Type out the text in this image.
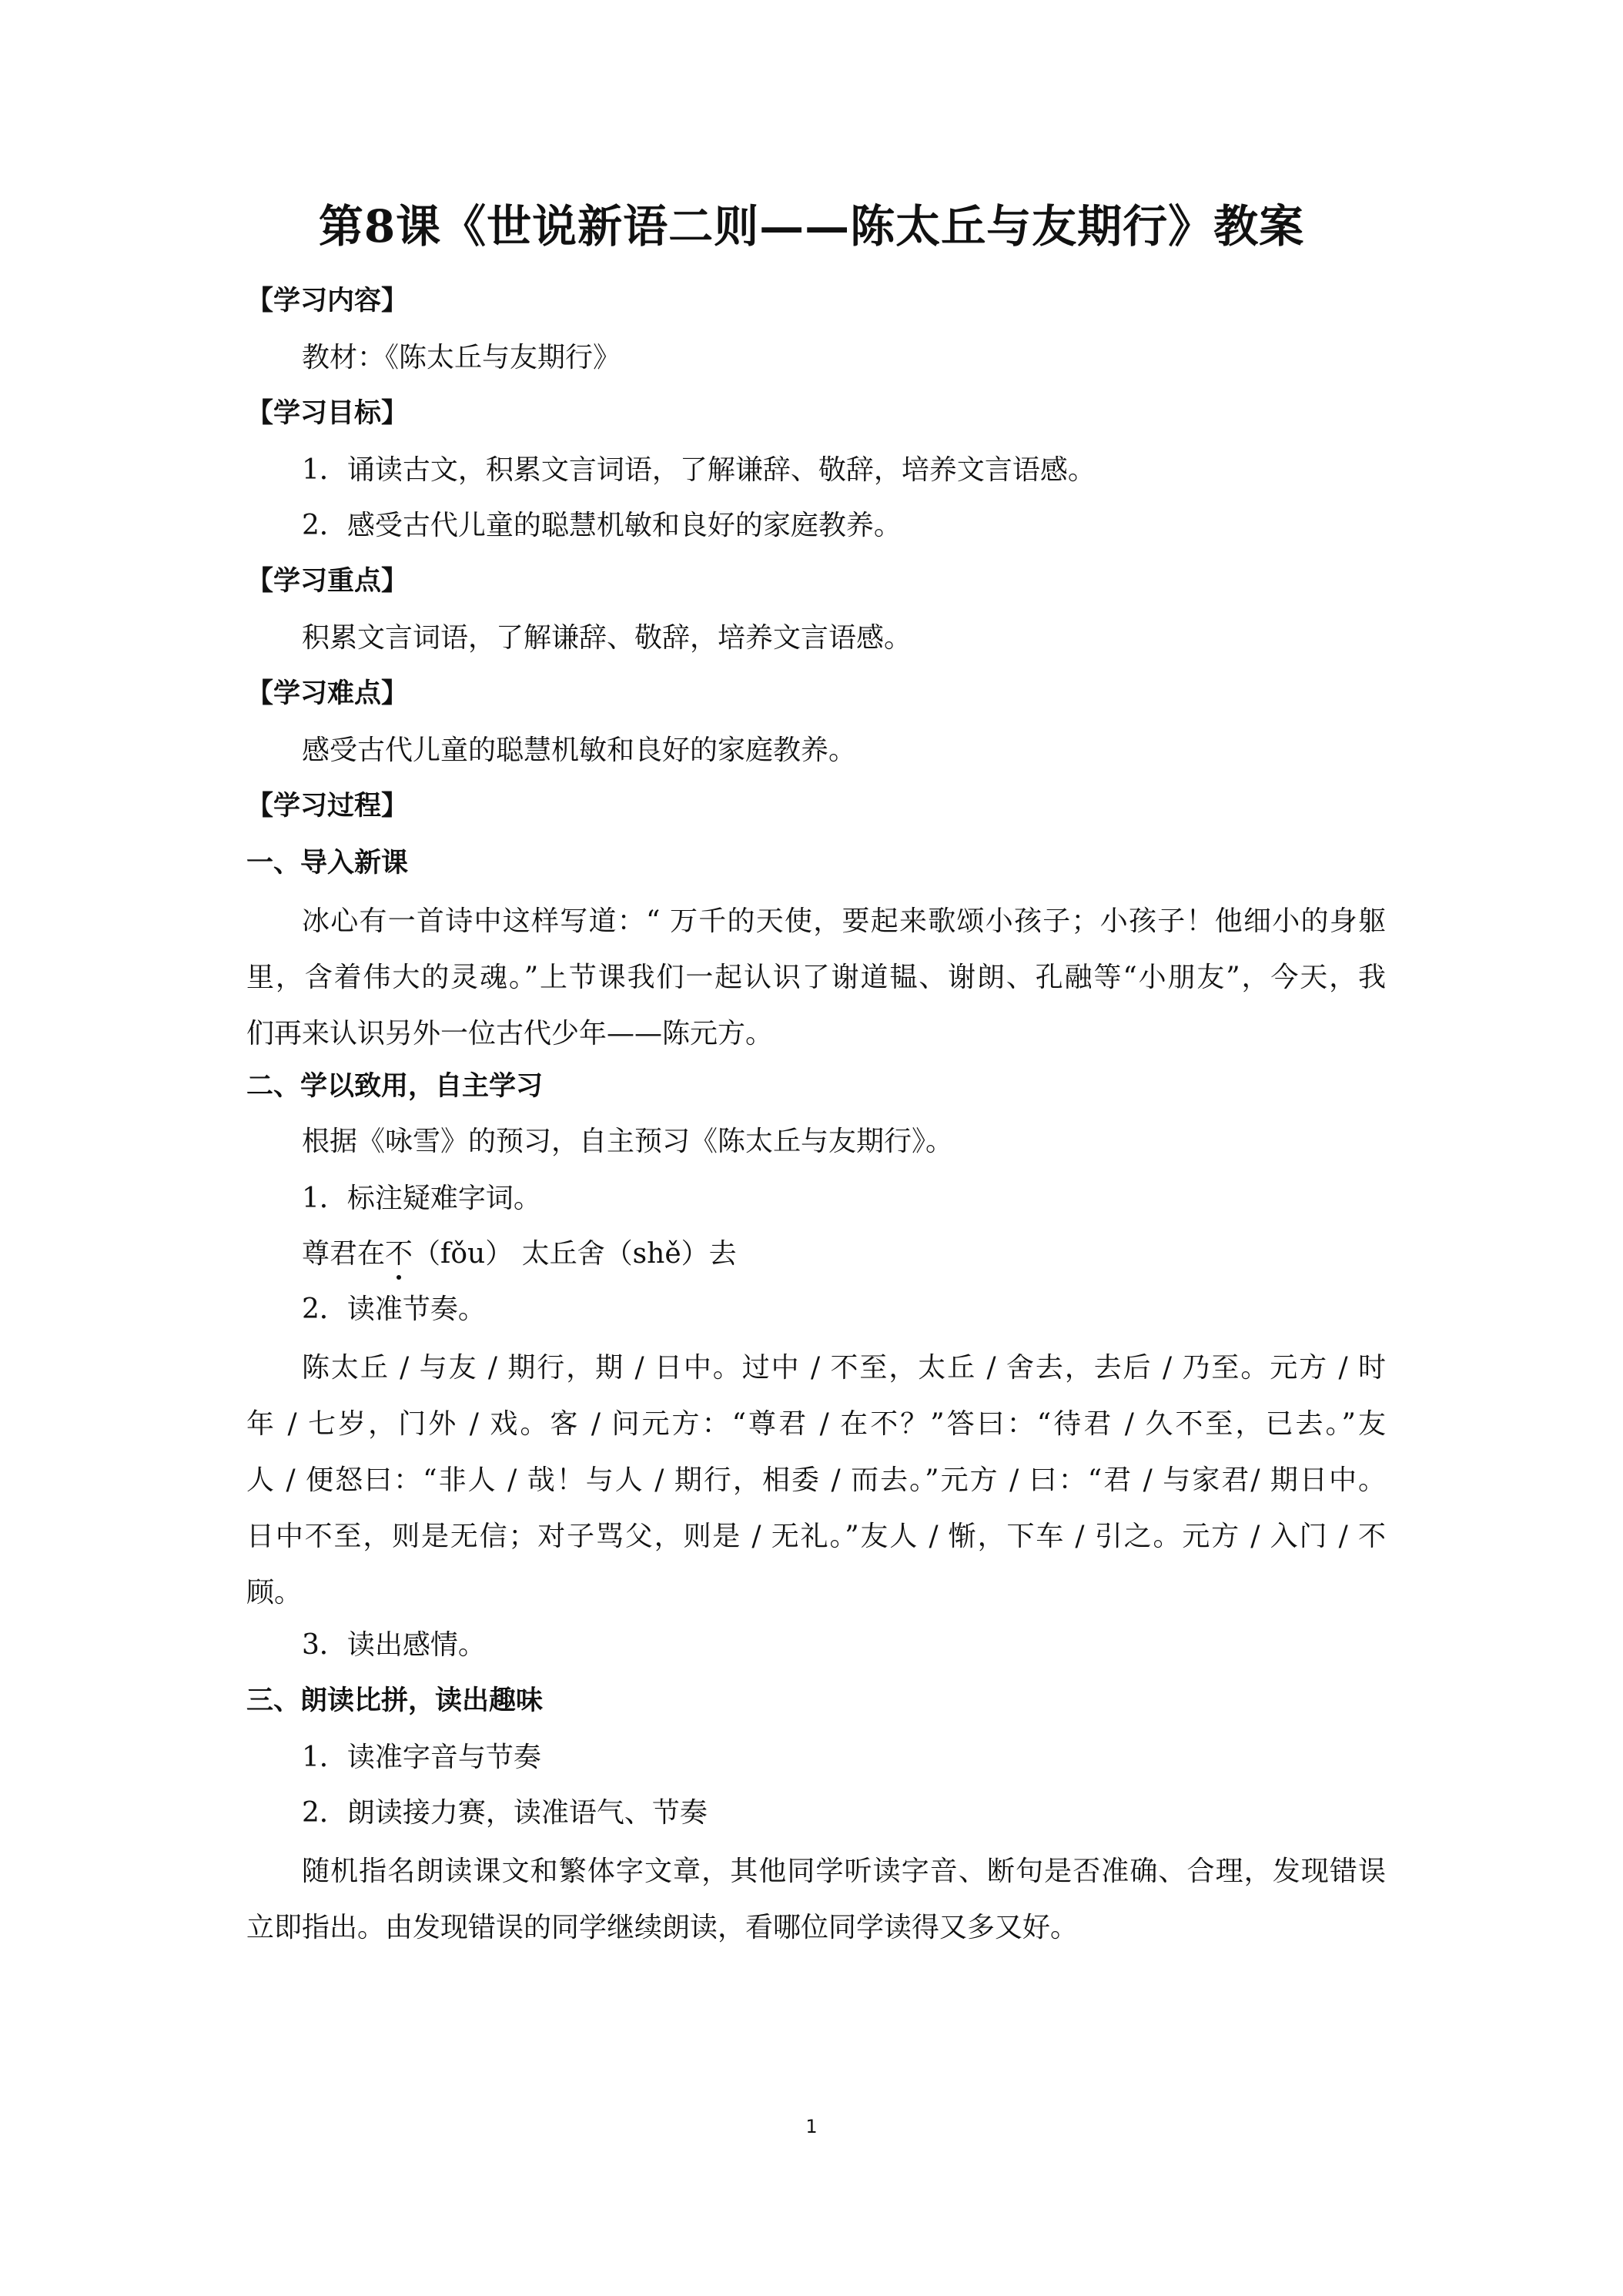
第8课《世说新语二则——陈太丘与友期行》教案
【学习内容】
教材：《陈太丘与友期行》
【学习目标】
1．诵读古文，积累文言词语，了解谦辞、敬辞，培养文言语感。
2．感受古代儿童的聪慧机敏和良好的家庭教养。
【学习重点】
积累文言词语，了解谦辞、敬辞，培养文言语感。
【学习难点】
感受古代儿童的聪慧机敏和良好的家庭教养。
【学习过程】
一、导入新课
冰心有一首诗中这样写道：“ 万千的天使，要起来歌颂小孩子；小孩子！他细小的身躯
里，含着伟大的灵魂。”上节课我们一起认识了谢道韫、谢朗、孔融等“小朋友”，今天，我
们再来认识另外一位古代少年——陈元方。
二、学以致用，自主学习
根据《咏雪》的预习，自主预习《陈太丘与友期行》。
1．标注疑难字词。
尊君在不（fǒu） 太丘舍（shě）去
2．读准节奏。
陈太丘 / 与友 / 期行，期 / 日中。过中 / 不至，太丘 / 舍去，去后 / 乃至。元方 / 时
年 / 七岁，门外 / 戏。客 / 问元方：“尊君 / 在不？”答曰：“待君 / 久不至，已去。”友
人 / 便怒曰：“非人 / 哉！与人 / 期行，相委 / 而去。”元方 / 曰：“君 / 与家君/ 期日中。
日中不至，则是无信；对子骂父，则是 / 无礼。”友人 / 惭，下车 / 引之。元方 / 入门 / 不
顾。
3．读出感情。
三、朗读比拼，读出趣味
1．读准字音与节奏
2．朗读接力赛，读准语气、节奏
随机指名朗读课文和繁体字文章，其他同学听读字音、断句是否准确、合理，发现错误
立即指出。由发现错误的同学继续朗读，看哪位同学读得又多又好。
1
